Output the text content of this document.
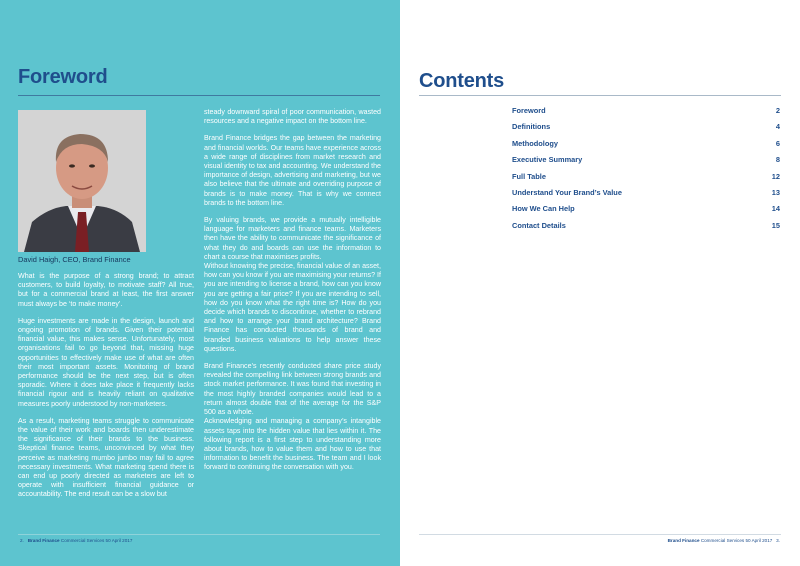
Foreword
David Haigh, CEO, Brand Finance

What is the purpose of a strong brand; to attract customers, to build loyalty, to motivate staff? All true, but for a commercial brand at least, the first answer must always be ‘to make money’.

Huge investments are made in the design, launch and ongoing promotion of brands. Given their potential financial value, this makes sense. Unfortunately, most organisations fail to go beyond that, missing huge opportunities to effectively make use of what are often their most important assets. Monitoring of brand performance should be the next step, but is often sporadic. Where it does take place it frequently lacks financial rigour and is heavily reliant on qualitative measures poorly understood by non-marketers.

As a result, marketing teams struggle to communicate the value of their work and boards then underestimate the significance of their brands to the business. Skeptical finance teams, unconvinced by what they perceive as marketing mumbo jumbo may fail to agree necessary investments. What marketing spend there is can end up poorly directed as marketers are left to operate with insufficient financial guidance or accountability. The end result can be a slow but

steady downward spiral of poor communication, wasted resources and a negative impact on the bottom line.

Brand Finance bridges the gap between the marketing and financial worlds. Our teams have experience across a wide range of disciplines from market research and visual identity to tax and accounting. We understand the importance of design, advertising and marketing, but we also believe that the ultimate and overriding purpose of brands is to make money. That is why we connect brands to the bottom line.

By valuing brands, we provide a mutually intelligible language for marketers and finance teams. Marketers then have the ability to communicate the significance of what they do and boards can use the information to chart a course that maximises profits.

Without knowing the precise, financial value of an asset, how can you know if you are maximising your returns? If you are intending to license a brand, how can you know you are getting a fair price? If you are intending to sell, how do you know what the right time is? How do you decide which brands to discontinue, whether to rebrand and how to arrange your brand architecture? Brand Finance has conducted thousands of brand and branded business valuations to help answer these questions.

Brand Finance’s recently conducted share price study revealed the compelling link between strong brands and stock market performance. It was found that investing in the most highly branded companies would lead to a return almost double that of the average for the S&P 500 as a whole.

Acknowledging and managing a company’s intangible assets taps into the hidden value that lies within it. The following report is a first step to understanding more about brands, how to value them and how to use that information to benefit the business. The team and I look forward to continuing the conversation with you.

2. Brand Finance Commercial Services 50 April 2017
Contents
Foreword	2
Definitions	4
Methodology	6
Executive Summary	8
Full Table	12
Understand Your Brand’s Value	13
How We Can Help	14
Contact Details	15
Brand Finance Commercial Services 50 April 2017 3.
